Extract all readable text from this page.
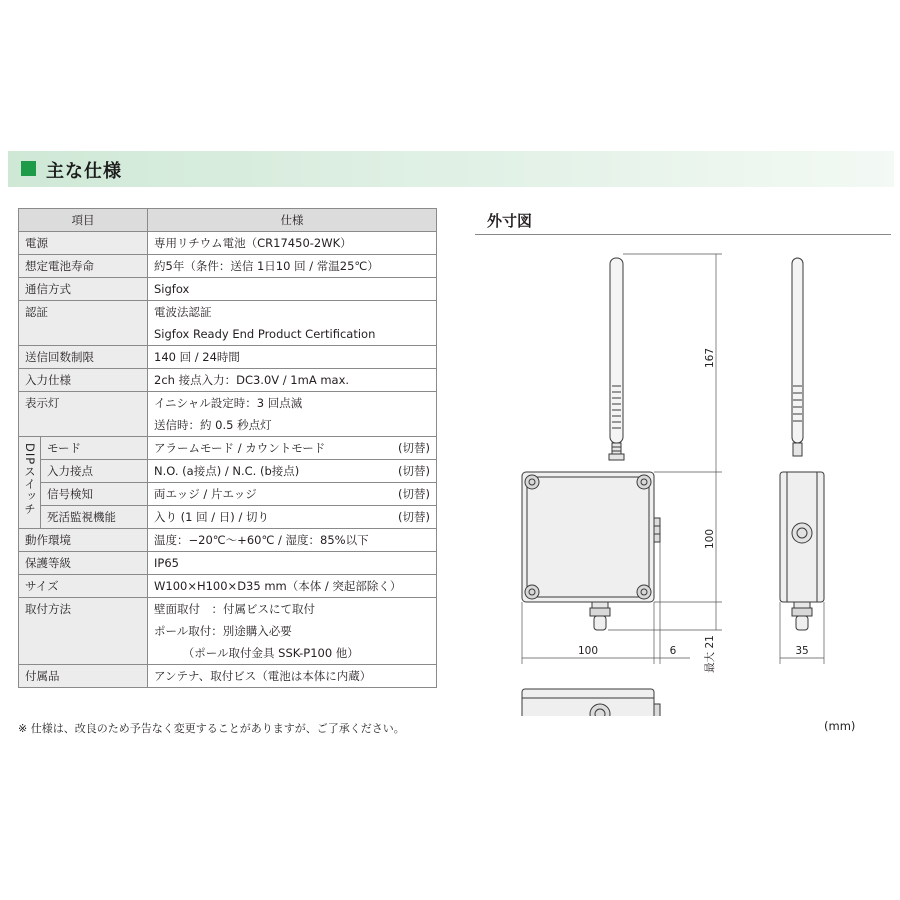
主な仕様
項目		仕様
電源		専用リチウム電池（CR17450-2WK）

想定電池寿命		約5年（条件：送信 1日10 回 / 常温25℃）

通信方式		Sigfox

認証		電波法認証
Sigfox Ready End Product Certification

送信回数制限		140 回 / 24時間

入力仕様		2ch 接点入力：DC3.0V / 1mA max.

表示灯		イニシャル設定時：3 回点滅
送信時：約 0.5 秒点灯

DIPスイッチ	モード	アラームモード / カウントモード (切替)

	入力接点	N.O. (a接点) / N.C. (b接点) (切替)

	信号検知	両エッジ / 片エッジ (切替)

	死活監視機能	入り (1 回 / 日) / 切り (切替)

動作環境		温度：−20℃〜+60℃ / 湿度：85%以下

保護等級		IP65

サイズ		W100×H100×D35 mm（本体 / 突起部除く）

取付方法		壁面取付　：付属ビスにて取付
ポール取付：別途購入必要
　　　（ポール取付金具 SSK-P100 他）

付属品		アンテナ、取付ビス（電池は本体に内蔵）
※ 仕様は、改良のため予告なく変更することがありますが、ご了承ください。
外寸図
167
100
最大 21
100	6	35
(mm)
